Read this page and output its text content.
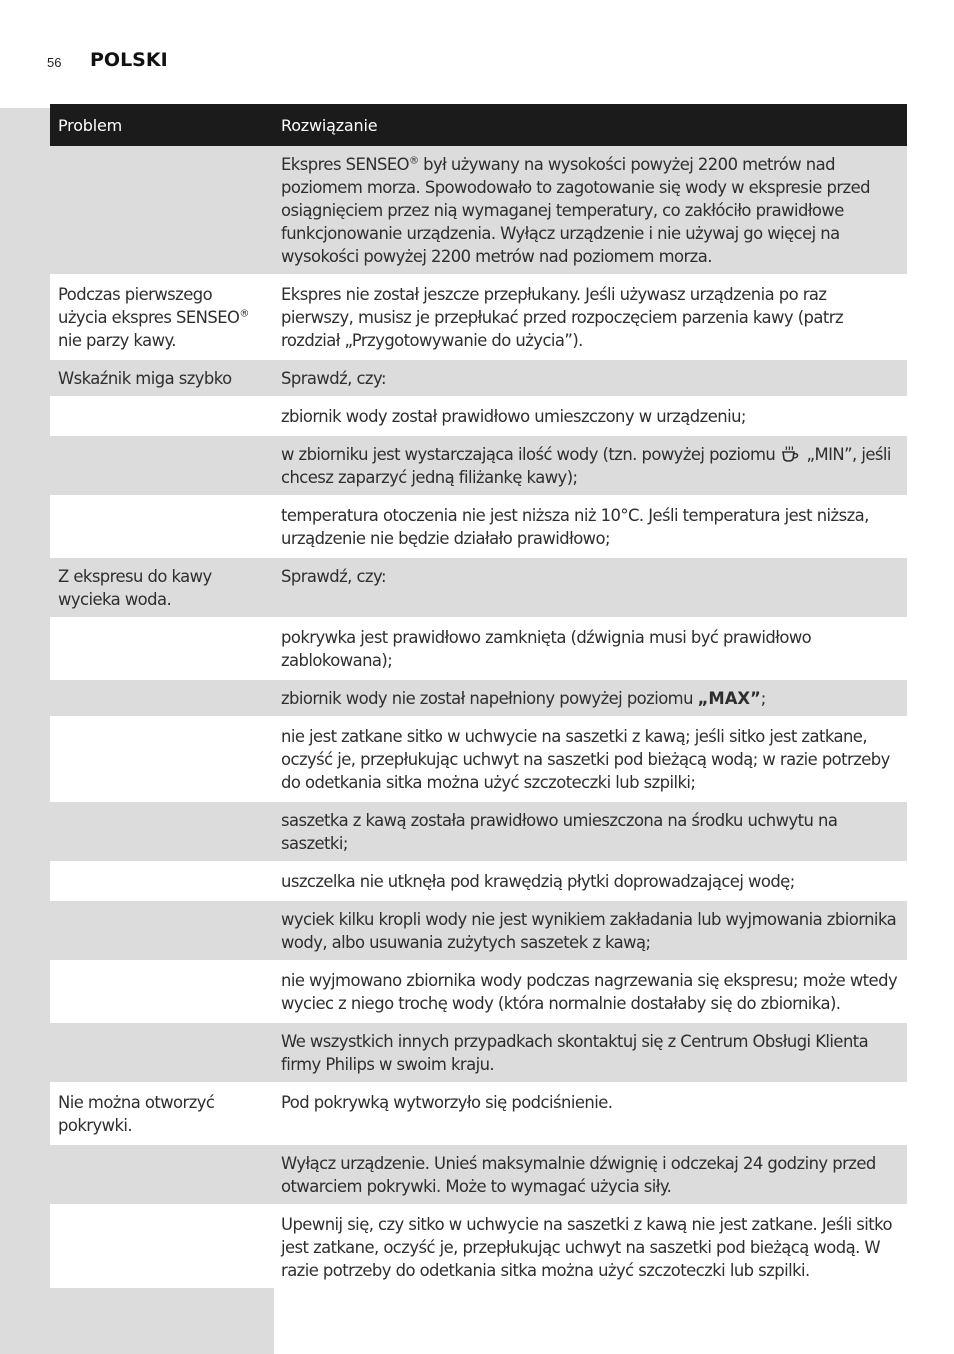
56 POLSKI
Problem	Rozwiązanie
	Ekspres SENSEO® był używany na wysokości powyżej 2200 metrów nad poziomem morza. Spowodowało to zagotowanie się wody w ekspresie przed osiągnięciem przez nią wymaganej temperatury, co zakłóciło prawidłowe funkcjonowanie urządzenia. Wyłącz urządzenie i nie używaj go więcej na wysokości powyżej 2200 metrów nad poziomem morza.
Podczas pierwszego użycia ekspres SENSEO® nie parzy kawy.	Ekspres nie został jeszcze przepłukany. Jeśli używasz urządzenia po raz pierwszy, musisz je przepłukać przed rozpoczęciem parzenia kawy (patrz rozdział „Przygotowywanie do użycia”).
Wskaźnik miga szybko	Sprawdź, czy:
	zbiornik wody został prawidłowo umieszczony w urządzeniu;
	w zbiorniku jest wystarczająca ilość wody (tzn. powyżej poziomu  „MIN”, jeśli chcesz zaparzyć jedną filiżankę kawy);
	temperatura otoczenia nie jest niższa niż 10°C. Jeśli temperatura jest niższa, urządzenie nie będzie działało prawidłowo;
Z ekspresu do kawy wycieka woda.	Sprawdź, czy:
	pokrywka jest prawidłowo zamknięta (dźwignia musi być prawidłowo zablokowana);
	zbiornik wody nie został napełniony powyżej poziomu „MAX”;
	nie jest zatkane sitko w uchwycie na saszetki z kawą; jeśli sitko jest zatkane, oczyść je, przepłukując uchwyt na saszetki pod bieżącą wodą; w razie potrzeby do odetkania sitka można użyć szczoteczki lub szpilki;
	saszetka z kawą została prawidłowo umieszczona na środku uchwytu na saszetki;
	uszczelka nie utknęła pod krawędzią płytki doprowadzającej wodę;
	wyciek kilku kropli wody nie jest wynikiem zakładania lub wyjmowania zbiornika wody, albo usuwania zużytych saszetek z kawą;
	nie wyjmowano zbiornika wody podczas nagrzewania się ekspresu; może wtedy wyciec z niego trochę wody (która normalnie dostałaby się do zbiornika).
	We wszystkich innych przypadkach skontaktuj się z Centrum Obsługi Klienta firmy Philips w swoim kraju.
Nie można otworzyć pokrywki.	Pod pokrywką wytworzyło się podciśnienie.
	Wyłącz urządzenie. Unieś maksymalnie dźwignię i odczekaj 24 godziny przed otwarciem pokrywki. Może to wymagać użycia siły.
	Upewnij się, czy sitko w uchwycie na saszetki z kawą nie jest zatkane. Jeśli sitko jest zatkane, oczyść je, przepłukując uchwyt na saszetki pod bieżącą wodą. W razie potrzeby do odetkania sitka można użyć szczoteczki lub szpilki.
